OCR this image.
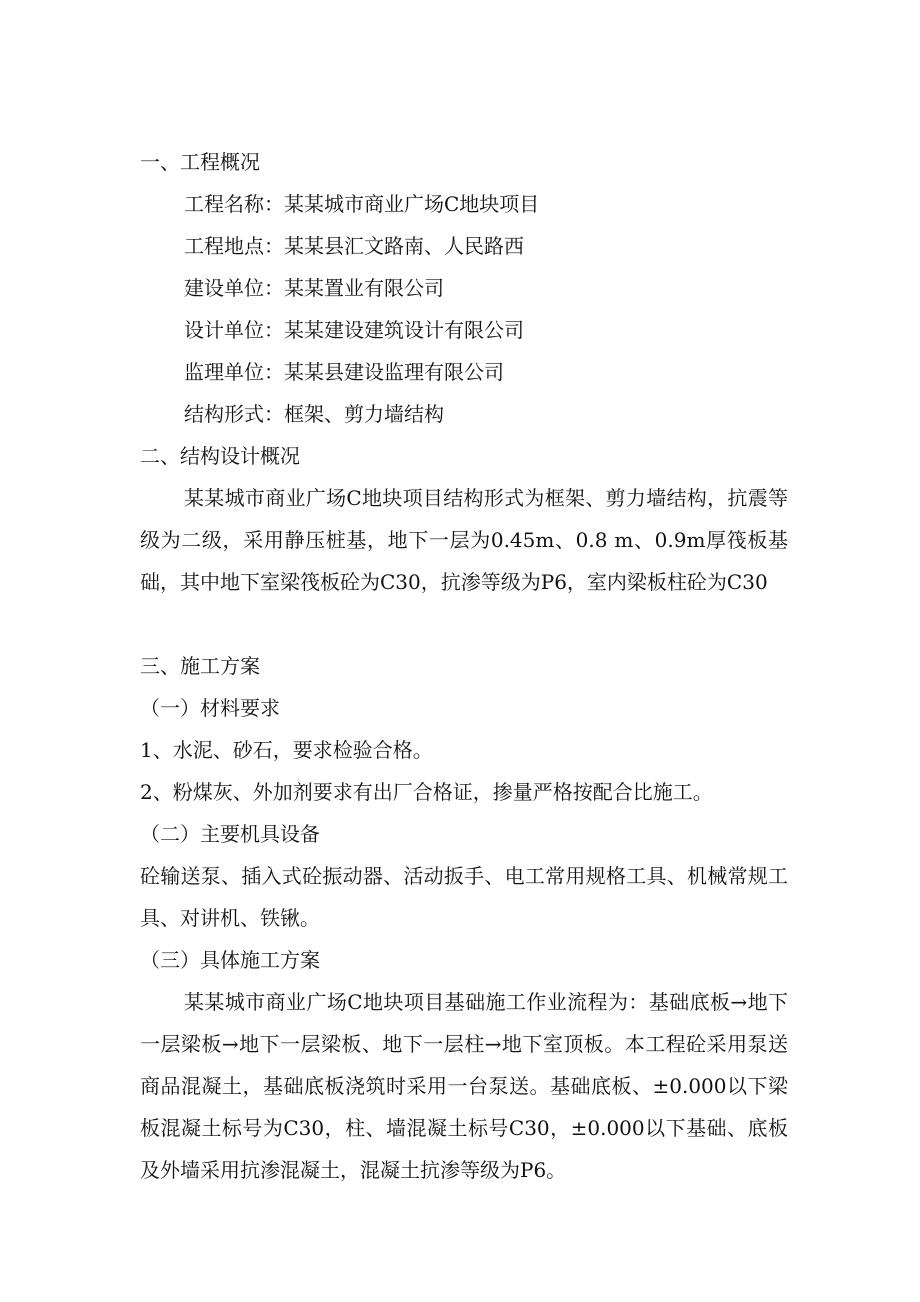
一、工程概况
工程名称：某某城市商业广场C地块项目
工程地点：某某县汇文路南、人民路西
建设单位：某某置业有限公司
设计单位：某某建设建筑设计有限公司
监理单位：某某县建设监理有限公司
结构形式：框架、剪力墙结构
二、结构设计概况
某某城市商业广场C地块项目结构形式为框架、剪力墙结构，抗震等级为二级，采用静压桩基，地下一层为0.45m、0.8 m、0.9m厚筏板基础，其中地下室梁筏板砼为C30，抗渗等级为P6，室内梁板柱砼为C30
三、施工方案
（一）材料要求
1、水泥、砂石，要求检验合格。
2、粉煤灰、外加剂要求有出厂合格证，掺量严格按配合比施工。
（二）主要机具设备
砼输送泵、插入式砼振动器、活动扳手、电工常用规格工具、机械常规工具、对讲机、铁锹。
（三）具体施工方案
某某城市商业广场C地块项目基础施工作业流程为：基础底板→地下一层梁板→地下一层梁板、地下一层柱→地下室顶板。本工程砼采用泵送商品混凝土，基础底板浇筑时采用一台泵送。基础底板、±0.000以下梁板混凝土标号为C30，柱、墙混凝土标号C30，±0.000以下基础、底板及外墙采用抗渗混凝土，混凝土抗渗等级为P6。
